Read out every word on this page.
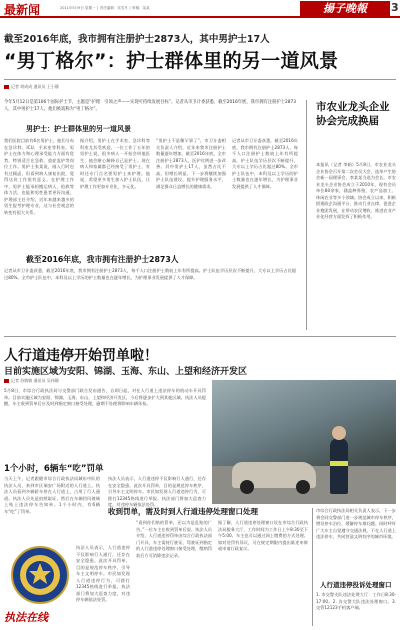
最新闻	2011年5月9日 星期一 │ 责任编辑：吴雪冬 │ 审稿：某某	揚子晚報	3
截至2016年底，我市拥有注册护士2873人，其中男护士17人
“男丁格尔”：护士群体里的另一道风景
记者 胡成成 通讯员 王小静
今年5月12日是第106个国际护士节，主题是“护理：引领之声——实现可持续发展目标”。记者从市卫计委获悉，截至2016年底，我市拥有注册护士2873人，其中男护士17人。他们被戏称为“男丁格尔”。
男护士：护士群体里的另一道风景
我们医院目前有6名男护士，他们分布在急诊科、ICU、手术室等科室。男护士在体力和心理承受能力方面有优势，特别适合在急救、重症监护等岗位工作。男护士张某说，刚入行时也有过顾虑，但看到病人康复出院，觉得这份工作很有意义。在护理工作中，男护士能承担搬运病人、抢救等体力活，也能和男性患者更好沟通。护理部主任介绍，近年来越来越多的男生报考护理专业，这与社会观念的转变有很大关系。
据介绍，男护士在手术室、急诊科等科室尤其受欢迎。一位工作了五年的男护士说，很多病人一开始会叫他医生，他会耐心解释自己是护士。现在病人和家属都已经接受了男护士，有时还专门点名要男护士来护理。他说，希望更多男生加入护士队伍，让护理工作更加专业化、多元化。
“男护士不是稀罕事了”，市卫计委相关负责人介绍，近年来我市注册护士数量逐年增加，截至2016年底，全市注册护士2873人，医护比例进一步改善。其中男护士17人，虽然占比不高，但增长明显。下一步将继续加强护士队伍建设，提升护理服务水平，满足群众日益增长的健康需求。
记者从市卫计委获悉，截至2016年底，我市拥有注册护士2873人，每千人口注册护士数较上年有所提高。护士队伍学历层次不断提升，大专以上学历占比超过80%。全市护士队伍中，本科及以上学历的护士数量也在逐年增长，为护理事业发展提供了人才保障。
截至2016年底，我市拥有注册护士2873人
记者从市卫计委获悉，截至2016年底，我市拥有注册护士2873人，每千人口注册护士数较上年有所提高。护士队伍学历层次不断提升，大专以上学历占比超过80%。全市护士队伍中，本科及以上学历的护士数量也在逐年增长，为护理事业发展提供了人才保障。
市农业龙头企业协会完成换届
本报讯（记者 李娟）5月8日，市农业龙头企业协会召开第二次会员大会，选举产生协会新一届理事会，李某某当选为会长。市农业龙头企业协会成立于2010年，现有会员单位80余家，涵盖种养殖、农产品加工、休闲农业等多个领域。协会成立以来，积极搭建政企沟通平台，推动行业自律，促进企业抱团发展，在带动农民增收、推进农业产业化经营方面发挥了积极作用。
人行道违停开始罚单啦！
目前实施区域为安阳、锦湖、玉海、东山、上望和经济开发区
记者 苏敏敏 通讯员 吴伟静
5月8日，市综合行政执法局与交警部门联合发布通告，自即日起，对在人行道上违法停车的机动车开具罚单。目前实施区域为安阳、锦湖、玉海、东山、上望和经济开发区，今后将逐步扩大到其他区域。执法人员提醒，车主收到罚单后应及时到指定窗口接受处理，逾期不处理将影响车辆年检。
1个小时，6辆车“吃”罚单
当天上午，记者跟随市综合行政执法局城东中队的执法人员，来到市区瑞安广场附近的人行道上。执法人员看到多辆轿车停在人行道上，占用了行人通道。执法人员先是拍照取证，然后在车辆挡风玻璃上贴上违法停车告知单。1个小时内，有6辆车“吃”了罚单。
执法人员表示，人行道违停不仅影响行人通行，还存在安全隐患。此次开具罚单，目的是规范停车秩序，引导车主文明停车。市民如发现人行道违停行为，可拨打12345热线进行举报。执法部门将加大巡查力度，对违停车辆依法处罚。
执法人员表示，人行道违停不仅影响行人通行，还存在安全隐患。此次开具罚单，目的是规范停车秩序，引导车主文明停车。市民如发现人行道违停行为，可拨打12345热线进行举报。执法部门将加大巡查力度，对违停车辆依法处罚。
收到罚单，需及时到人行道违停处理窗口处理
“看到你们贴的罚单，还以为是乱贴的广告。”一位车主在收到罚单后说。执法人员介绍，人行道违停罚单由综合行政执法部门开具，车主需持行驶证、驾驶证到指定的人行道违停处理窗口接受处理，缴纳罚款后方可消除违法记录。
据了解，人行道违停处理窗口设在市综合行政执法局服务大厅，工作时间为工作日上午8:30至下午5:00。车主也可以通过网上缴费的方式处理。如对处罚有异议，可在规定期限内提出陈述申辩或申请行政复议。
市综合行政执法局相关负责人表示，下一步将会同交警部门进一步规范城市停车秩序，增设停车泊位，缓解停车难问题。同时呼吁广大车主自觉遵守交通法规，不在人行道上违法停车，共同营造文明有序的城市环境。
人行道违停投诉处理窗口
1. 市交警支队违法处理大厅：工作日8:30-17:00。2. 各交警大队违法处理窗口。3. 交管12123手机客户端。
执法在线
